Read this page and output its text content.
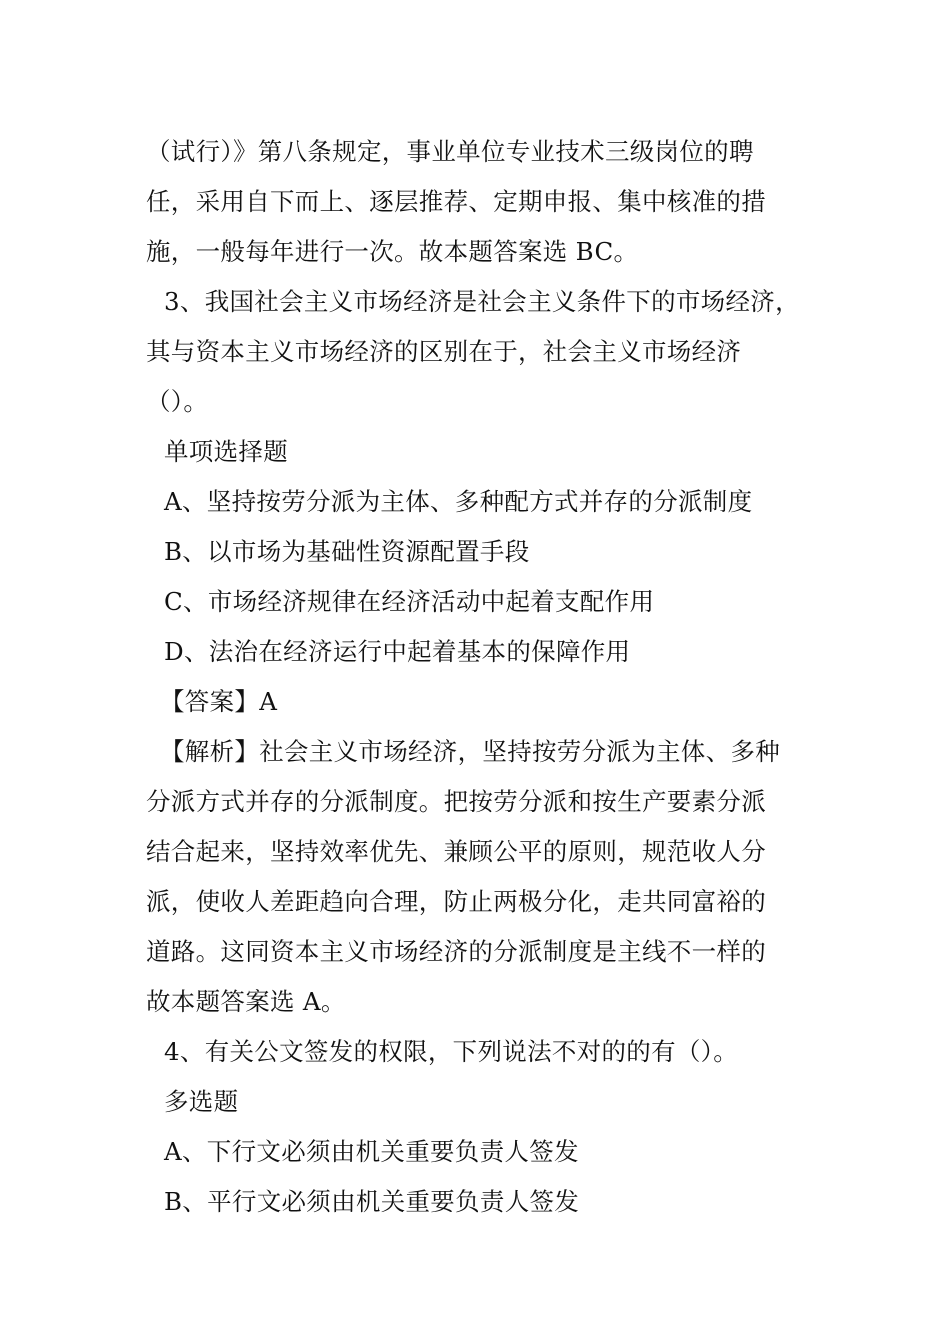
（试行）》第八条规定，事业单位专业技术三级岗位的聘
任，采用自下而上、逐层推荐、定期申报、集中核准的措
施，一般每年进行一次。故本题答案选 BC。
3、我国社会主义市场经济是社会主义条件下的市场经济，
其与资本主义市场经济的区别在于，社会主义市场经济
（）。
单项选择题
A、坚持按劳分派为主体、多种配方式并存的分派制度
B、以市场为基础性资源配置手段
C、市场经济规律在经济活动中起着支配作用
D、法治在经济运行中起着基本的保障作用
【答案】A
【解析】社会主义市场经济，坚持按劳分派为主体、多种
分派方式并存的分派制度。把按劳分派和按生产要素分派
结合起来，坚持效率优先、兼顾公平的原则，规范收人分
派，使收人差距趋向合理，防止两极分化，走共同富裕的
道路。这同资本主义市场经济的分派制度是主线不一样的
故本题答案选 A。
4、有关公文签发的权限，下列说法不对的的有（）。
多选题
A、下行文必须由机关重要负责人签发
B、平行文必须由机关重要负责人签发
